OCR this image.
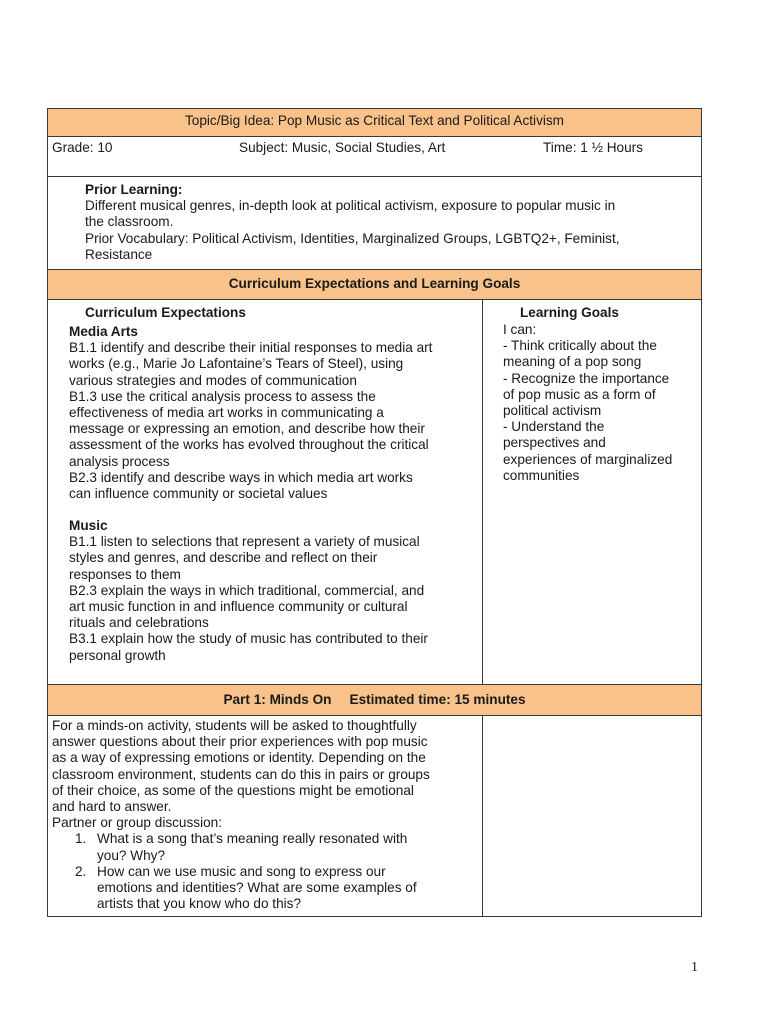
Topic/Big Idea: Pop Music as Critical Text and Political Activism
Grade: 10	Subject: Music, Social Studies, Art	Time: 1 ½ Hours

Prior Learning:

Different musical genres, in-depth look at political activism, exposure to popular music in

the classroom.

Prior Vocabulary: Political Activism, Identities, Marginalized Groups, LGBTQ2+, Feminist,

Resistance

Curriculum Expectations and Learning Goals
Curriculum Expectations

Media Arts

B1.1 identify and describe their initial responses to media art

works (e.g., Marie Jo Lafontaine’s Tears of Steel), using

various strategies and modes of communication

B1.3 use the critical analysis process to assess the

effectiveness of media art works in communicating a

message or expressing an emotion, and describe how their

assessment of the works has evolved throughout the critical

analysis process

B2.3 identify and describe ways in which media art works

can influence community or societal values

Music

B1.1 listen to selections that represent a variety of musical

styles and genres, and describe and reflect on their

responses to them

B2.3 explain the ways in which traditional, commercial, and

art music function in and influence community or cultural

rituals and celebrations

B3.1 explain how the study of music has contributed to their

personal growth

Learning Goals

I can:

- Think critically about the

meaning of a pop song

- Recognize the importance

of pop music as a form of

political activism

- Understand the

perspectives and

experiences of marginalized

communities

Part 1: Minds On Estimated time: 15 minutes

For a minds-on activity, students will be asked to thoughtfully

answer questions about their prior experiences with pop music

as a way of expressing emotions or identity. Depending on the

classroom environment, students can do this in pairs or groups

of their choice, as some of the questions might be emotional

and hard to answer.

Partner or group discussion:

1. What is a song that’s meaning really resonated with

you? Why?

2. How can we use music and song to express our

emotions and identities? What are some examples of

artists that you know who do this?

1
